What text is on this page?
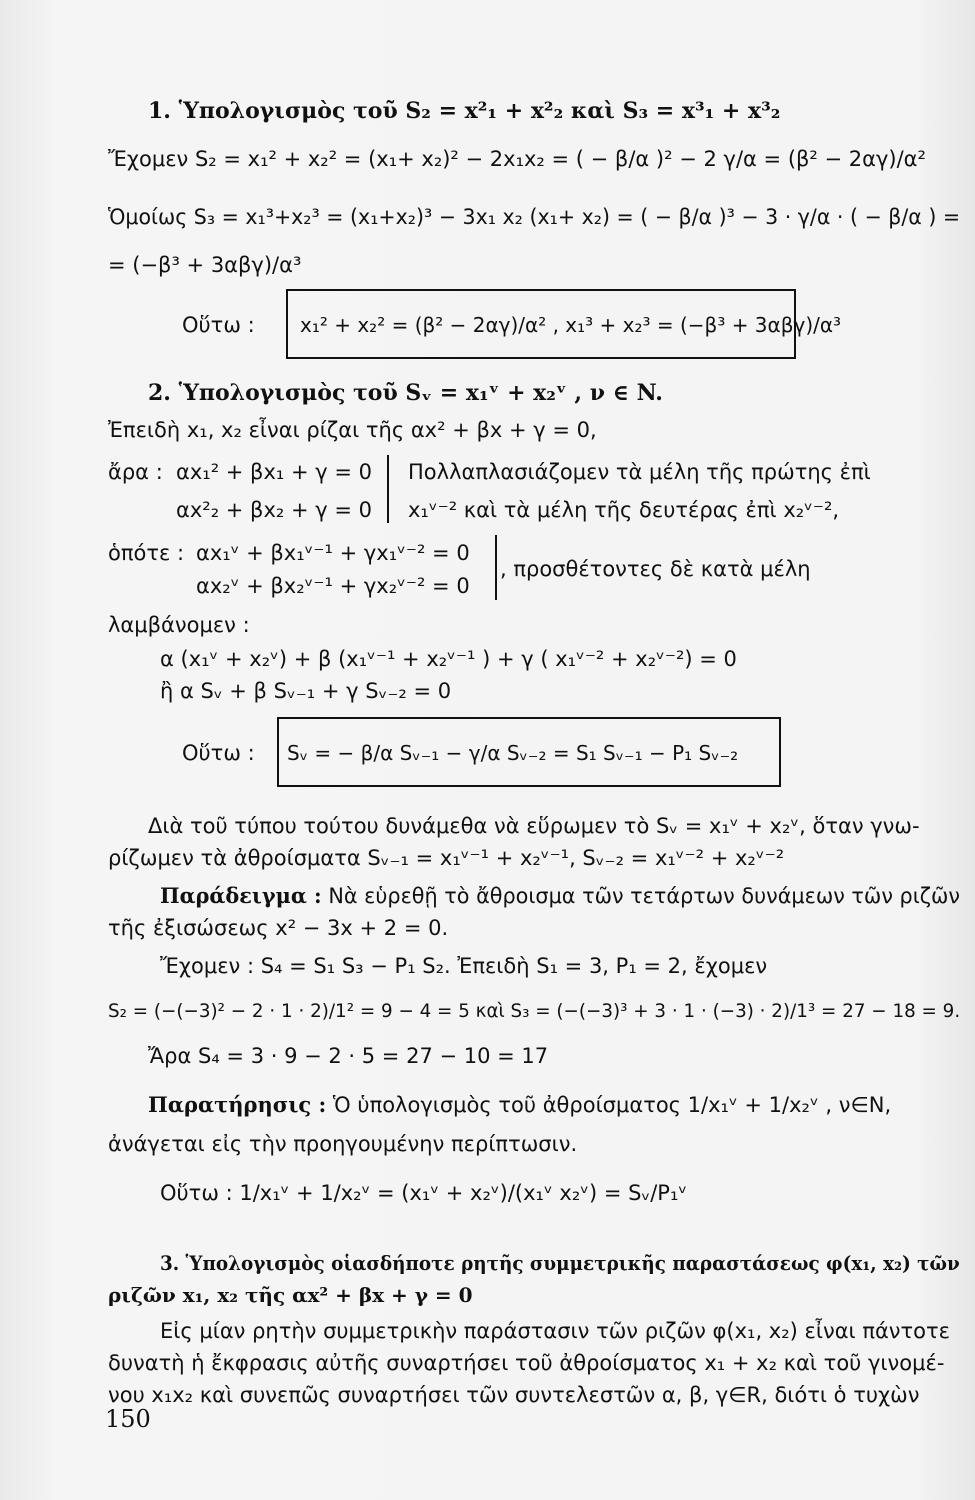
1. Ὑπολογισμὸς τοῦ S₂ = x²₁ + x²₂ καὶ S₃ = x³₁ + x³₂
Ἔχομεν S₂ = x₁² + x₂² = (x₁+ x₂)² − 2x₁x₂ = ( − β/α )² − 2 γ/α = (β² − 2αγ)/α²
Ὁμοίως S₃ = x₁³+x₂³ = (x₁+x₂)³ − 3x₁ x₂ (x₁+ x₂) = ( − β/α )³ − 3 · γ/α · ( − β/α ) =
= (−β³ + 3αβγ)/α³
Οὕτω : x₁² + x₂² = (β² − 2αγ)/α² , x₁³ + x₂³ = (−β³ + 3αβγ)/α³
2. Ὑπολογισμὸς τοῦ Sᵥ = x₁ᵛ + x₂ᵛ , ν ∈ N.
Ἐπειδὴ x₁, x₂ εἶναι ρίζαι τῆς αx² + βx + γ = 0,
ἄρα : αx₁² + βx₁ + γ = 0
αx²₂ + βx₂ + γ = 0
Πολλαπλασιάζομεν τὰ μέλη τῆς πρώτης ἐπὶ
x₁ᵛ⁻² καὶ τὰ μέλη τῆς δευτέρας ἐπὶ x₂ᵛ⁻²,
ὁπότε : αx₁ᵛ + βx₁ᵛ⁻¹ + γx₁ᵛ⁻² = 0
αx₂ᵛ + βx₂ᵛ⁻¹ + γx₂ᵛ⁻² = 0
, προσθέτοντες δὲ κατὰ μέλη
λαμβάνομεν :
α (x₁ᵛ + x₂ᵛ) + β (x₁ᵛ⁻¹ + x₂ᵛ⁻¹ ) + γ ( x₁ᵛ⁻² + x₂ᵛ⁻²) = 0
ἢ α Sᵥ + β Sᵥ₋₁ + γ Sᵥ₋₂ = 0
Οὕτω : Sᵥ = − β/α Sᵥ₋₁ − γ/α Sᵥ₋₂ = S₁ Sᵥ₋₁ − P₁ Sᵥ₋₂
Διὰ τοῦ τύπου τούτου δυνάμεθα νὰ εὕρωμεν τὸ Sᵥ = x₁ᵛ + x₂ᵛ, ὅταν γνω-
ρίζωμεν τὰ ἀθροίσματα Sᵥ₋₁ = x₁ᵛ⁻¹ + x₂ᵛ⁻¹, Sᵥ₋₂ = x₁ᵛ⁻² + x₂ᵛ⁻²
Παράδειγμα : Νὰ εὑρεθῇ τὸ ἄθροισμα τῶν τετάρτων δυνάμεων τῶν ριζῶν
τῆς ἐξισώσεως x² − 3x + 2 = 0.
Ἔχομεν : S₄ = S₁ S₃ − P₁ S₂. Ἐπειδὴ S₁ = 3, P₁ = 2, ἔχομεν
S₂ = (−(−3)² − 2 · 1 · 2)/1² = 9 − 4 = 5 καὶ S₃ = (−(−3)³ + 3 · 1 · (−3) · 2)/1³ = 27 − 18 = 9.
Ἄρα S₄ = 3 · 9 − 2 · 5 = 27 − 10 = 17
Παρατήρησις : Ὁ ὑπολογισμὸς τοῦ ἀθροίσματος 1/x₁ᵛ + 1/x₂ᵛ , ν∈N,
ἀνάγεται εἰς τὴν προηγουμένην περίπτωσιν.
Οὕτω : 1/x₁ᵛ + 1/x₂ᵛ = (x₁ᵛ + x₂ᵛ)/(x₁ᵛ x₂ᵛ) = Sᵥ/P₁ᵛ
3. Ὑπολογισμὸς οἱασδήποτε ρητῆς συμμετρικῆς παραστάσεως φ(x₁, x₂) τῶν
ριζῶν x₁, x₂ τῆς αx² + βx + γ = 0
Εἰς μίαν ρητὴν συμμετρικὴν παράστασιν τῶν ριζῶν φ(x₁, x₂) εἶναι πάντοτε
δυνατὴ ἡ ἔκφρασις αὐτῆς συναρτήσει τοῦ ἀθροίσματος x₁ + x₂ καὶ τοῦ γινομέ-
νου x₁x₂ καὶ συνεπῶς συναρτήσει τῶν συντελεστῶν α, β, γ∈R, διότι ὁ τυχὼν
150
